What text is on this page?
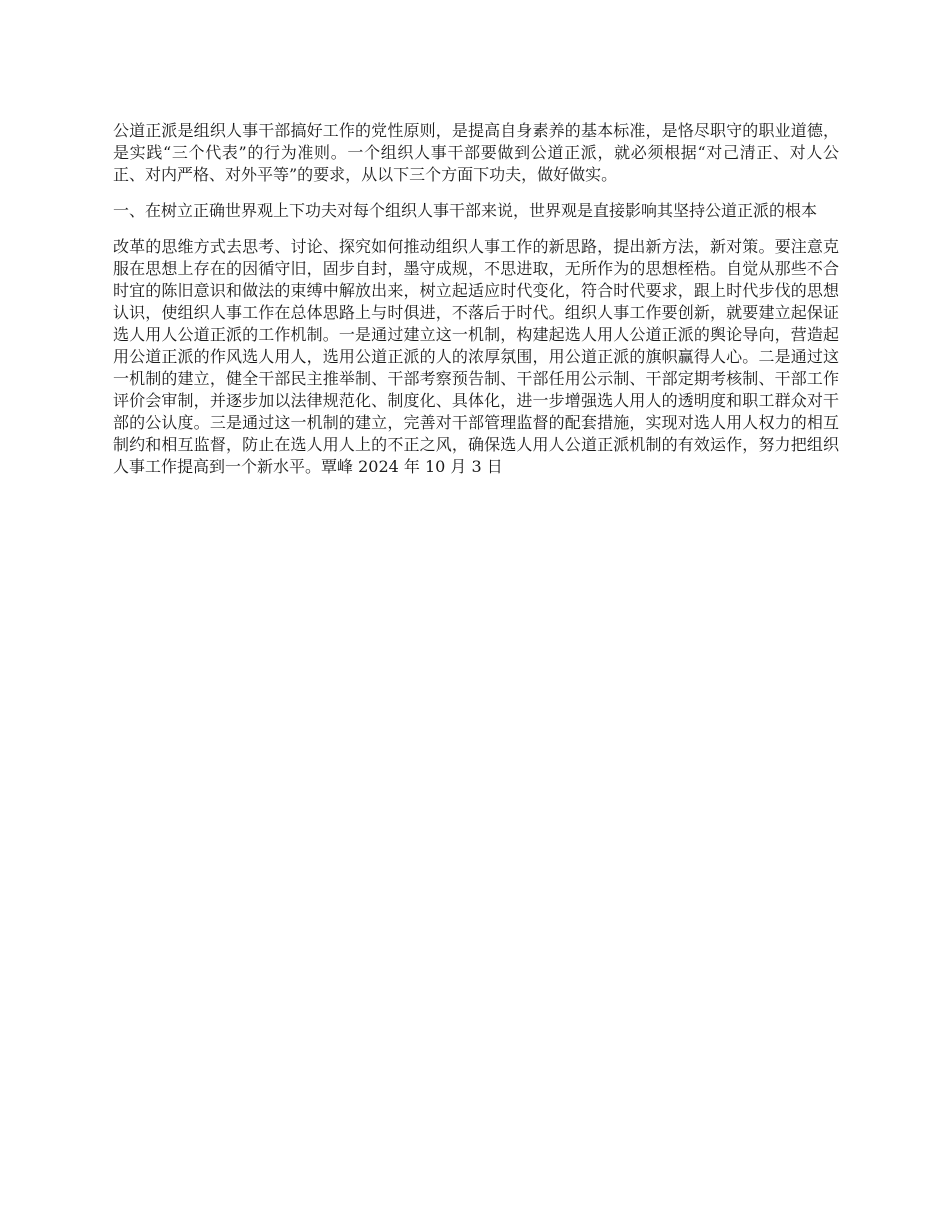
公道正派是组织人事干部搞好工作的党性原则，是提高自身素养的基本标准，是恪尽职守的职业道德，是实践“三个代表”的行为准则。一个组织人事干部要做到公道正派，就必须根据“对己清正、对人公正、对内严格、对外平等”的要求，从以下三个方面下功夫，做好做实。

一、在树立正确世界观上下功夫对每个组织人事干部来说，世界观是直接影响其坚持公道正派的根本

改革的思维方式去思考、讨论、探究如何推动组织人事工作的新思路，提出新方法，新对策。要注意克服在思想上存在的因循守旧，固步自封，墨守成规，不思进取，无所作为的思想桎梏。自觉从那些不合时宜的陈旧意识和做法的束缚中解放出来，树立起适应时代变化，符合时代要求，跟上时代步伐的思想认识，使组织人事工作在总体思路上与时俱进，不落后于时代。组织人事工作要创新，就要建立起保证选人用人公道正派的工作机制。一是通过建立这一机制，构建起选人用人公道正派的舆论导向，营造起用公道正派的作风选人用人，选用公道正派的人的浓厚氛围，用公道正派的旗帜赢得人心。二是通过这一机制的建立，健全干部民主推举制、干部考察预告制、干部任用公示制、干部定期考核制、干部工作评价会审制，并逐步加以法律规范化、制度化、具体化，进一步增强选人用人的透明度和职工群众对干部的公认度。三是通过这一机制的建立，完善对干部管理监督的配套措施，实现对选人用人权力的相互制约和相互监督，防止在选人用人上的不正之风，确保选人用人公道正派机制的有效运作，努力把组织人事工作提高到一个新水平。覃峰 2024 年 10 月 3 日
